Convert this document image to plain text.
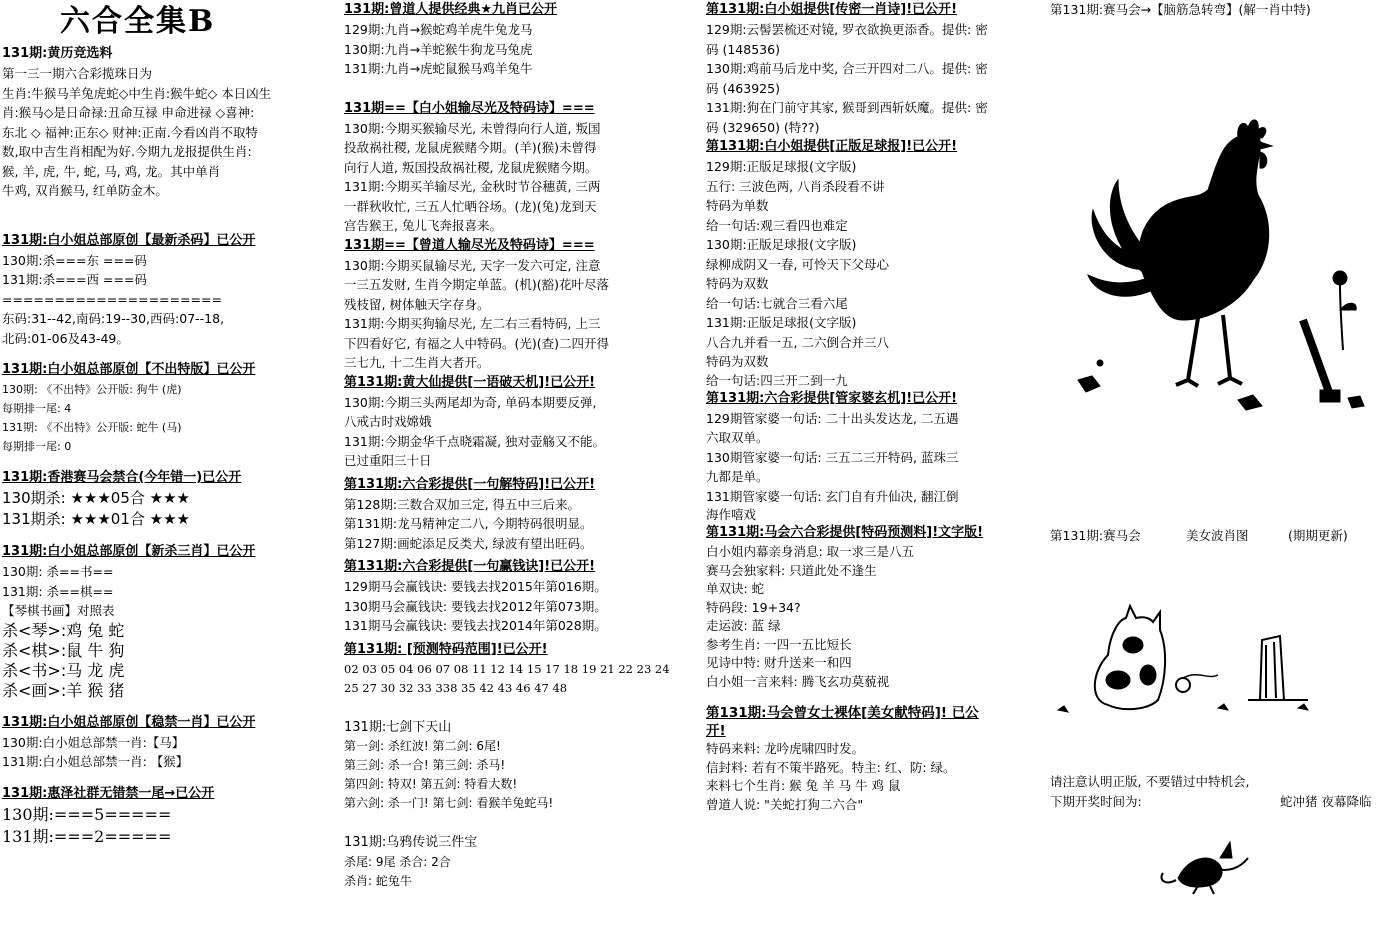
六合全集B
131期:黄历竞选料
第一三一期六合彩揽珠日为
生肖:牛猴马羊兔虎蛇◇中生肖:猴牛蛇◇ 本日凶生
肖:猴马◇是日命禄:丑命互禄 申命进禄 ◇喜神:
东北 ◇ 福神:正东◇ 财神:正南.今看凶肖不取特
数,取中吉生肖相配为好.今期九龙报提供生肖:
猴, 羊, 虎, 牛, 蛇, 马, 鸡, 龙。其中单肖
牛鸡, 双肖猴马, 红单防金木。
131期:白小姐总部原创【最新杀码】已公开
130期:杀===东 ===码
131期:杀===西 ===码
=====================
东码:31--42,南码:19--30,西码:07--18,
北码:01-06及43-49。
131期:白小姐总部原创【不出特版】已公开
130期: 《不出特》公开版: 狗牛 (虎)
每期排一尾: 4
131期: 《不出特》公开版: 蛇牛 (马)
每期排一尾: 0
131期:香港赛马会禁合(今年错一)已公开
130期杀: ★★★05合 ★★★
131期杀: ★★★01合 ★★★
131期:白小姐总部原创【新杀三肖】已公开
130期: 杀==书==
131期: 杀==棋==
【琴棋书画】对照表
杀<琴>:鸡 兔 蛇
杀<棋>:鼠 牛 狗
杀<书>:马 龙 虎
杀<画>:羊 猴 猪
131期:白小姐总部原创【稳禁一肖】已公开
130期:白小姐总部禁一肖:【马】
131期:白小姐总部禁一肖: 【猴】
131期:惠泽社群无错禁一尾→已公开
130期:===5=====
131期:===2=====
131期:曾道人提供经典★九肖已公开
129期:九肖→猴蛇鸡羊虎牛兔龙马
130期:九肖→羊蛇猴牛狗龙马兔虎
131期:九肖→虎蛇鼠猴马鸡羊兔牛
131期==【白小姐输尽光及特码诗】===
130期:今期买猴输尽光, 未曾得向行人道, 叛国
投敌祸社稷, 龙鼠虎猴赌今期。(羊)(猴)未曾得
向行人道, 叛国投敌祸社稷, 龙鼠虎猴赌今期。
131期:今期买羊输尽光, 金秋时节谷穗黄, 三两
一群秋收忙, 三五人忙晒谷场。(龙)(兔)龙到天
宫告猴王, 兔儿飞奔报喜来。
131期==【曾道人输尽光及特码诗】===
130期:今期买鼠输尽光, 天字一发六可定, 注意
一三五发财, 生肖今期定单蓝。(机)(豁)花叶尽落
残枝留, 树体触天字存身。
131期:今期买狗输尽光, 左二右三看特码, 上三
下四看好它, 有福之人中特码。(光)(查)二四开得
三七九, 十二生肖大者开。
第131期:黄大仙提供[一语破天机]!已公开!
130期:今期三头两尾却为奇, 单码本期要反弹,
八戒古时戏嫦娥
131期:今期金华千点晓霜凝, 独对壶觞又不能。
已过重阳三十日
第131期:六合彩提供[一句解特码]!已公开!
第128期:三数合双加三定, 得五中三后来。
第131期:龙马精神定二八, 今期特码很明显。
第127期:画蛇添足反类犬, 绿波有望出旺码。
第131期:六合彩提供[一句赢钱诀]!已公开!
129期马会赢钱诀: 要钱去找2015年第016期。
130期马会赢钱诀: 要钱去找2012年第073期。
131期马会赢钱诀: 要钱去找2014年第028期。
第131期: [预测特码范围]!已公开!
02 03 05 04 06 07 08 11 12 14 15 17 18 19 21 22 23 24
25 27 30 32 33 338 35 42 43 46 47 48
131期:七剑下天山
第一剑: 杀红波! 第二剑: 6尾!
第三剑: 杀一合! 第三剑: 杀马!
第四剑: 特双! 第五剑: 特看大数!
第六剑: 杀一门! 第七剑: 看猴羊兔蛇马!
131期:乌鸦传说三件宝
杀尾: 9尾 杀合: 2合
杀肖: 蛇兔牛
第131期:白小姐提供[传密一肖诗]!已公开!
129期:云髻罢梳还对镜, 罗衣欲换更添香。提供: 密
码 (148536)
130期:鸡前马后龙中奖, 合三开四对二八。提供: 密
码 (463925)
131期:狗在门前守其家, 猴哥到西斩妖魔。提供: 密
码 (329650) (特??)
第131期:白小姐提供[正版足球报]!已公开!
129期:正版足球报(文字版)
五行: 三波色两, 八肖杀段看不讲
特码为单数
给一句话:观三看四也难定
130期:正版足球报(文字版)
绿柳成阴又一春, 可怜天下父母心
特码为双数
给一句话:七就合三看六尾
131期:正版足球报(文字版)
八合九并看一五, 二六倒合并三八
特码为双数
给一句话:四三开二到一九
第131期:六合彩提供[管家婆玄机]!已公开!
129期管家婆一句话: 二十出头发达龙, 二五遇
六取双单。
130期管家婆一句话: 三五二三开特码, 蓝珠三
九都是单。
131期管家婆一句话: 玄门自有升仙决, 翻江倒
海作嘻戏
第131期:马会六合彩提供[特码预测料]!文字版!
白小姐内幕亲身消息: 取一求三是八五
赛马会独家料: 只道此处不逢生
单双诀: 蛇
特码段: 19+34?
走运波: 蓝 绿
参考生肖: 一四一五比短长
见诗中特: 财升送来一和四
白小姐一言来料: 腾飞玄功莫藐视
第131期:马会曾女士裸体[美女献特码]! 已公
开!
特码来料: 龙吟虎啸四时发。
信封料: 若有不策半路死。特主: 红、防: 绿。
来料七个生肖: 猴 兔 羊 马 牛 鸡 鼠
曾道人说: "关蛇打狗二六合"
第131期:赛马会→【脑筋急转弯】(解一肖中特)
第131期:赛马会	美女波肖图	(期期更新)
请注意认明正版, 不要错过中特机会,
下期开奖时间为:	蛇冲猪 夜幕降临
